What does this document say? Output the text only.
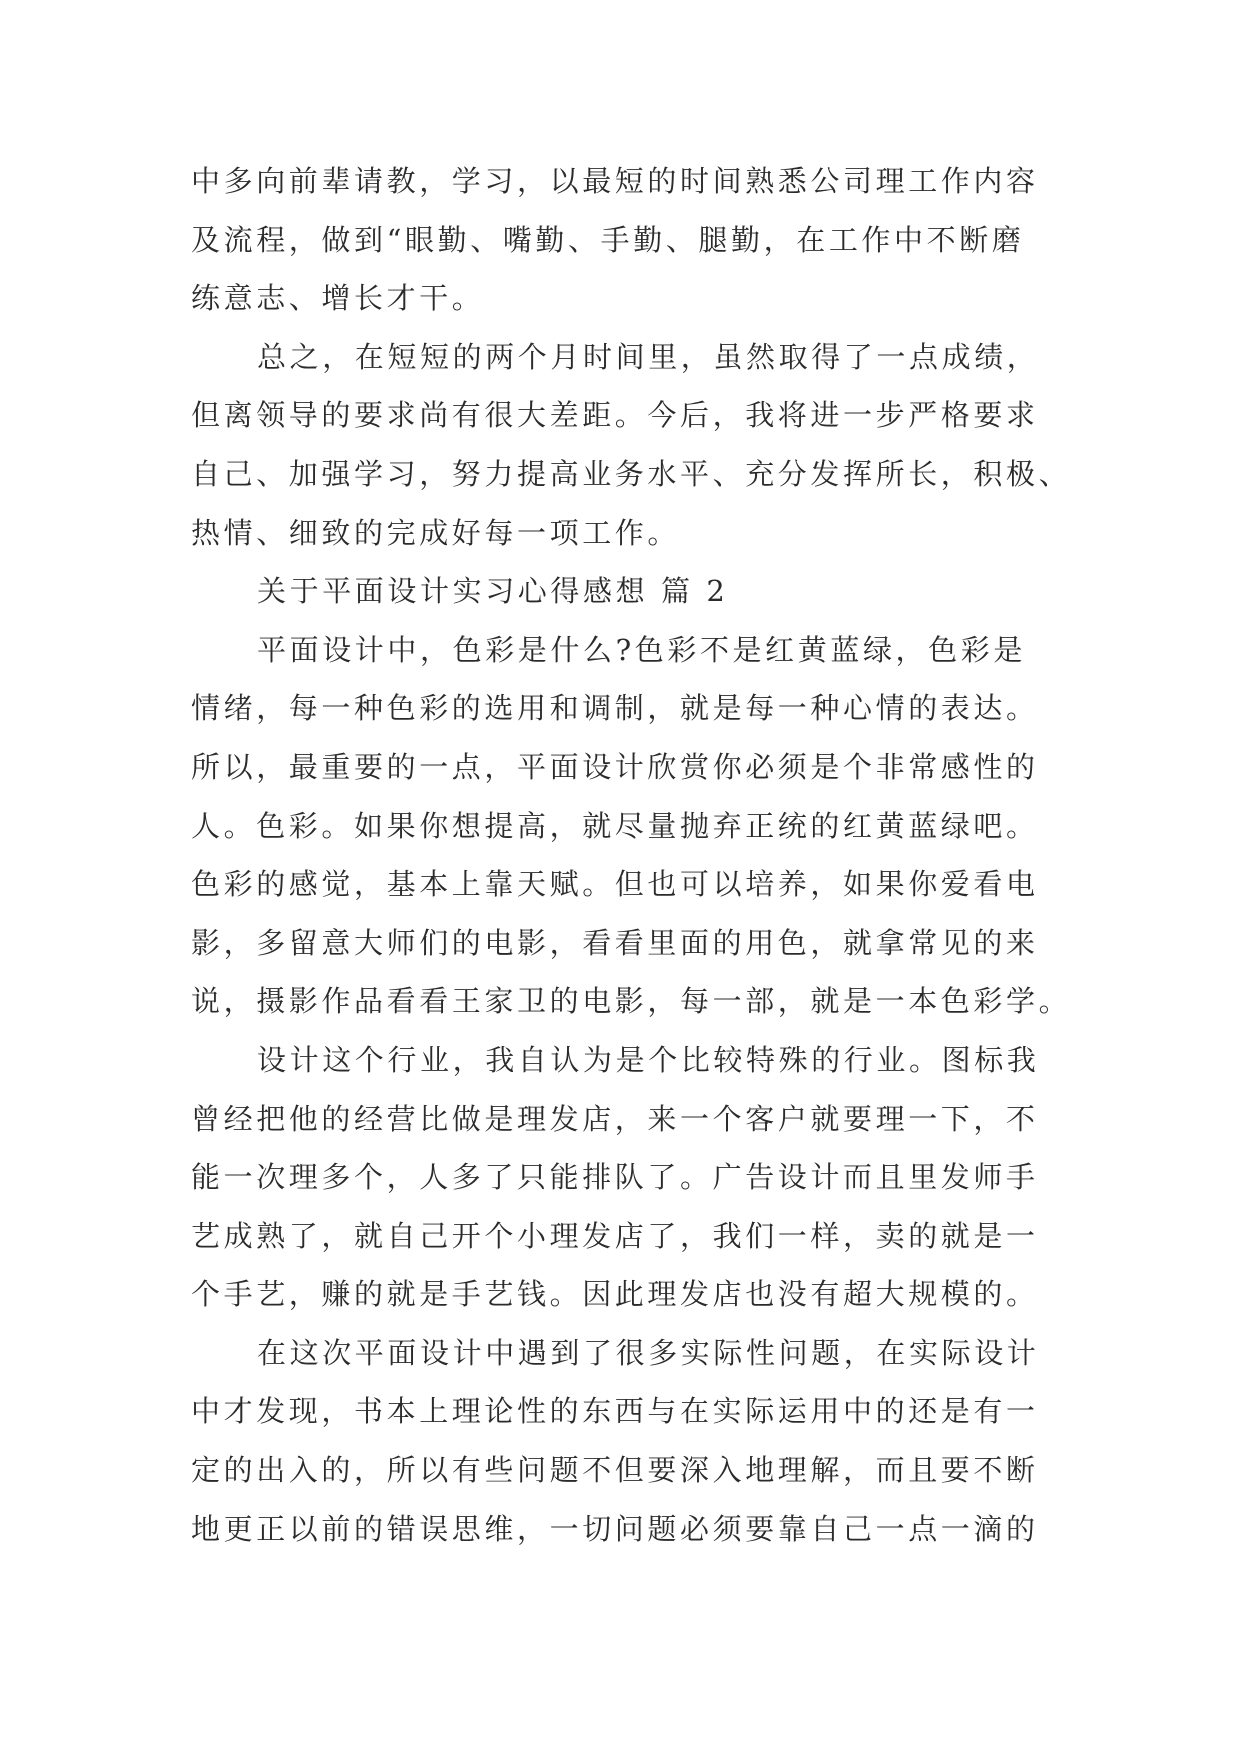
中多向前辈请教，学习，以最短的时间熟悉公司理工作内容
及流程，做到“眼勤、嘴勤、手勤、腿勤，在工作中不断磨
练意志、增长才干。
总之，在短短的两个月时间里，虽然取得了一点成绩，
但离领导的要求尚有很大差距。今后，我将进一步严格要求
自己、加强学习，努力提高业务水平、充分发挥所长，积极、
热情、细致的完成好每一项工作。
关于平面设计实习心得感想 篇 2
平面设计中，色彩是什么?色彩不是红黄蓝绿，色彩是
情绪，每一种色彩的选用和调制，就是每一种心情的表达。
所以，最重要的一点，平面设计欣赏你必须是个非常感性的
人。色彩。如果你想提高，就尽量抛弃正统的红黄蓝绿吧。
色彩的感觉，基本上靠天赋。但也可以培养，如果你爱看电
影，多留意大师们的电影，看看里面的用色，就拿常见的来
说，摄影作品看看王家卫的电影，每一部，就是一本色彩学。
设计这个行业，我自认为是个比较特殊的行业。图标我
曾经把他的经营比做是理发店，来一个客户就要理一下，不
能一次理多个，人多了只能排队了。广告设计而且里发师手
艺成熟了，就自己开个小理发店了，我们一样，卖的就是一
个手艺，赚的就是手艺钱。因此理发店也没有超大规模的。
在这次平面设计中遇到了很多实际性问题，在实际设计
中才发现，书本上理论性的东西与在实际运用中的还是有一
定的出入的，所以有些问题不但要深入地理解，而且要不断
地更正以前的错误思维，一切问题必须要靠自己一点一滴的
